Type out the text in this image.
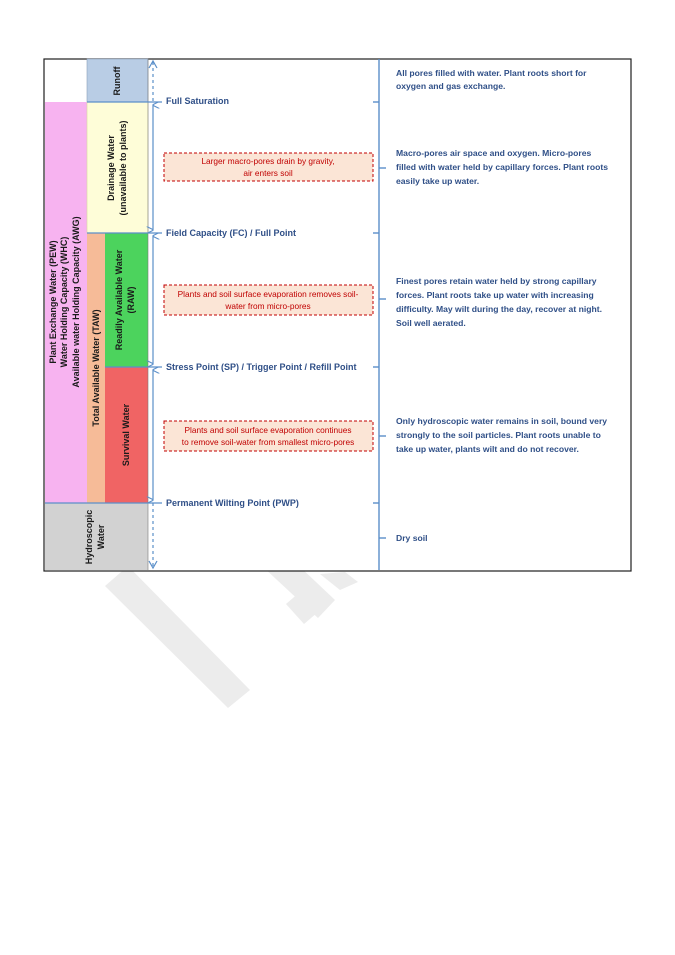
Full Saturation
Field Capacity (FC) / Full Point
Stress Point (SP) / Trigger Point / Refill Point
Permanent Wilting Point (PWP)
Runoff
Plant Exchange Water (PEW) Water Holding Capacity (WHC) Available water Holding Capacity (AWG)
Drainage Water (unavailable to plants)
Total Available Water (TAW)
Readily Available Water (RAW)
Survival Water
Hydroscopic Water
Larger macro-pores drain by gravity,
air enters soil
Plants and soil surface evaporation removes soil-
water from micro-pores
Plants and soil surface evaporation continues
to remove soil-water from smallest micro-pores
All pores filled with water. Plant roots short for
oxygen and gas exchange.
Macro-pores air space and oxygen. Micro-pores
filled with water held by capillary forces. Plant roots
easily take up water.
Finest pores retain water held by strong capillary
forces. Plant roots take up water with increasing
difficulty. May wilt during the day, recover at night.
Soil well aerated.
Only hydroscopic water remains in soil, bound very
strongly to the soil particles. Plant roots unable to
take up water, plants wilt and do not recover.
Dry soil
